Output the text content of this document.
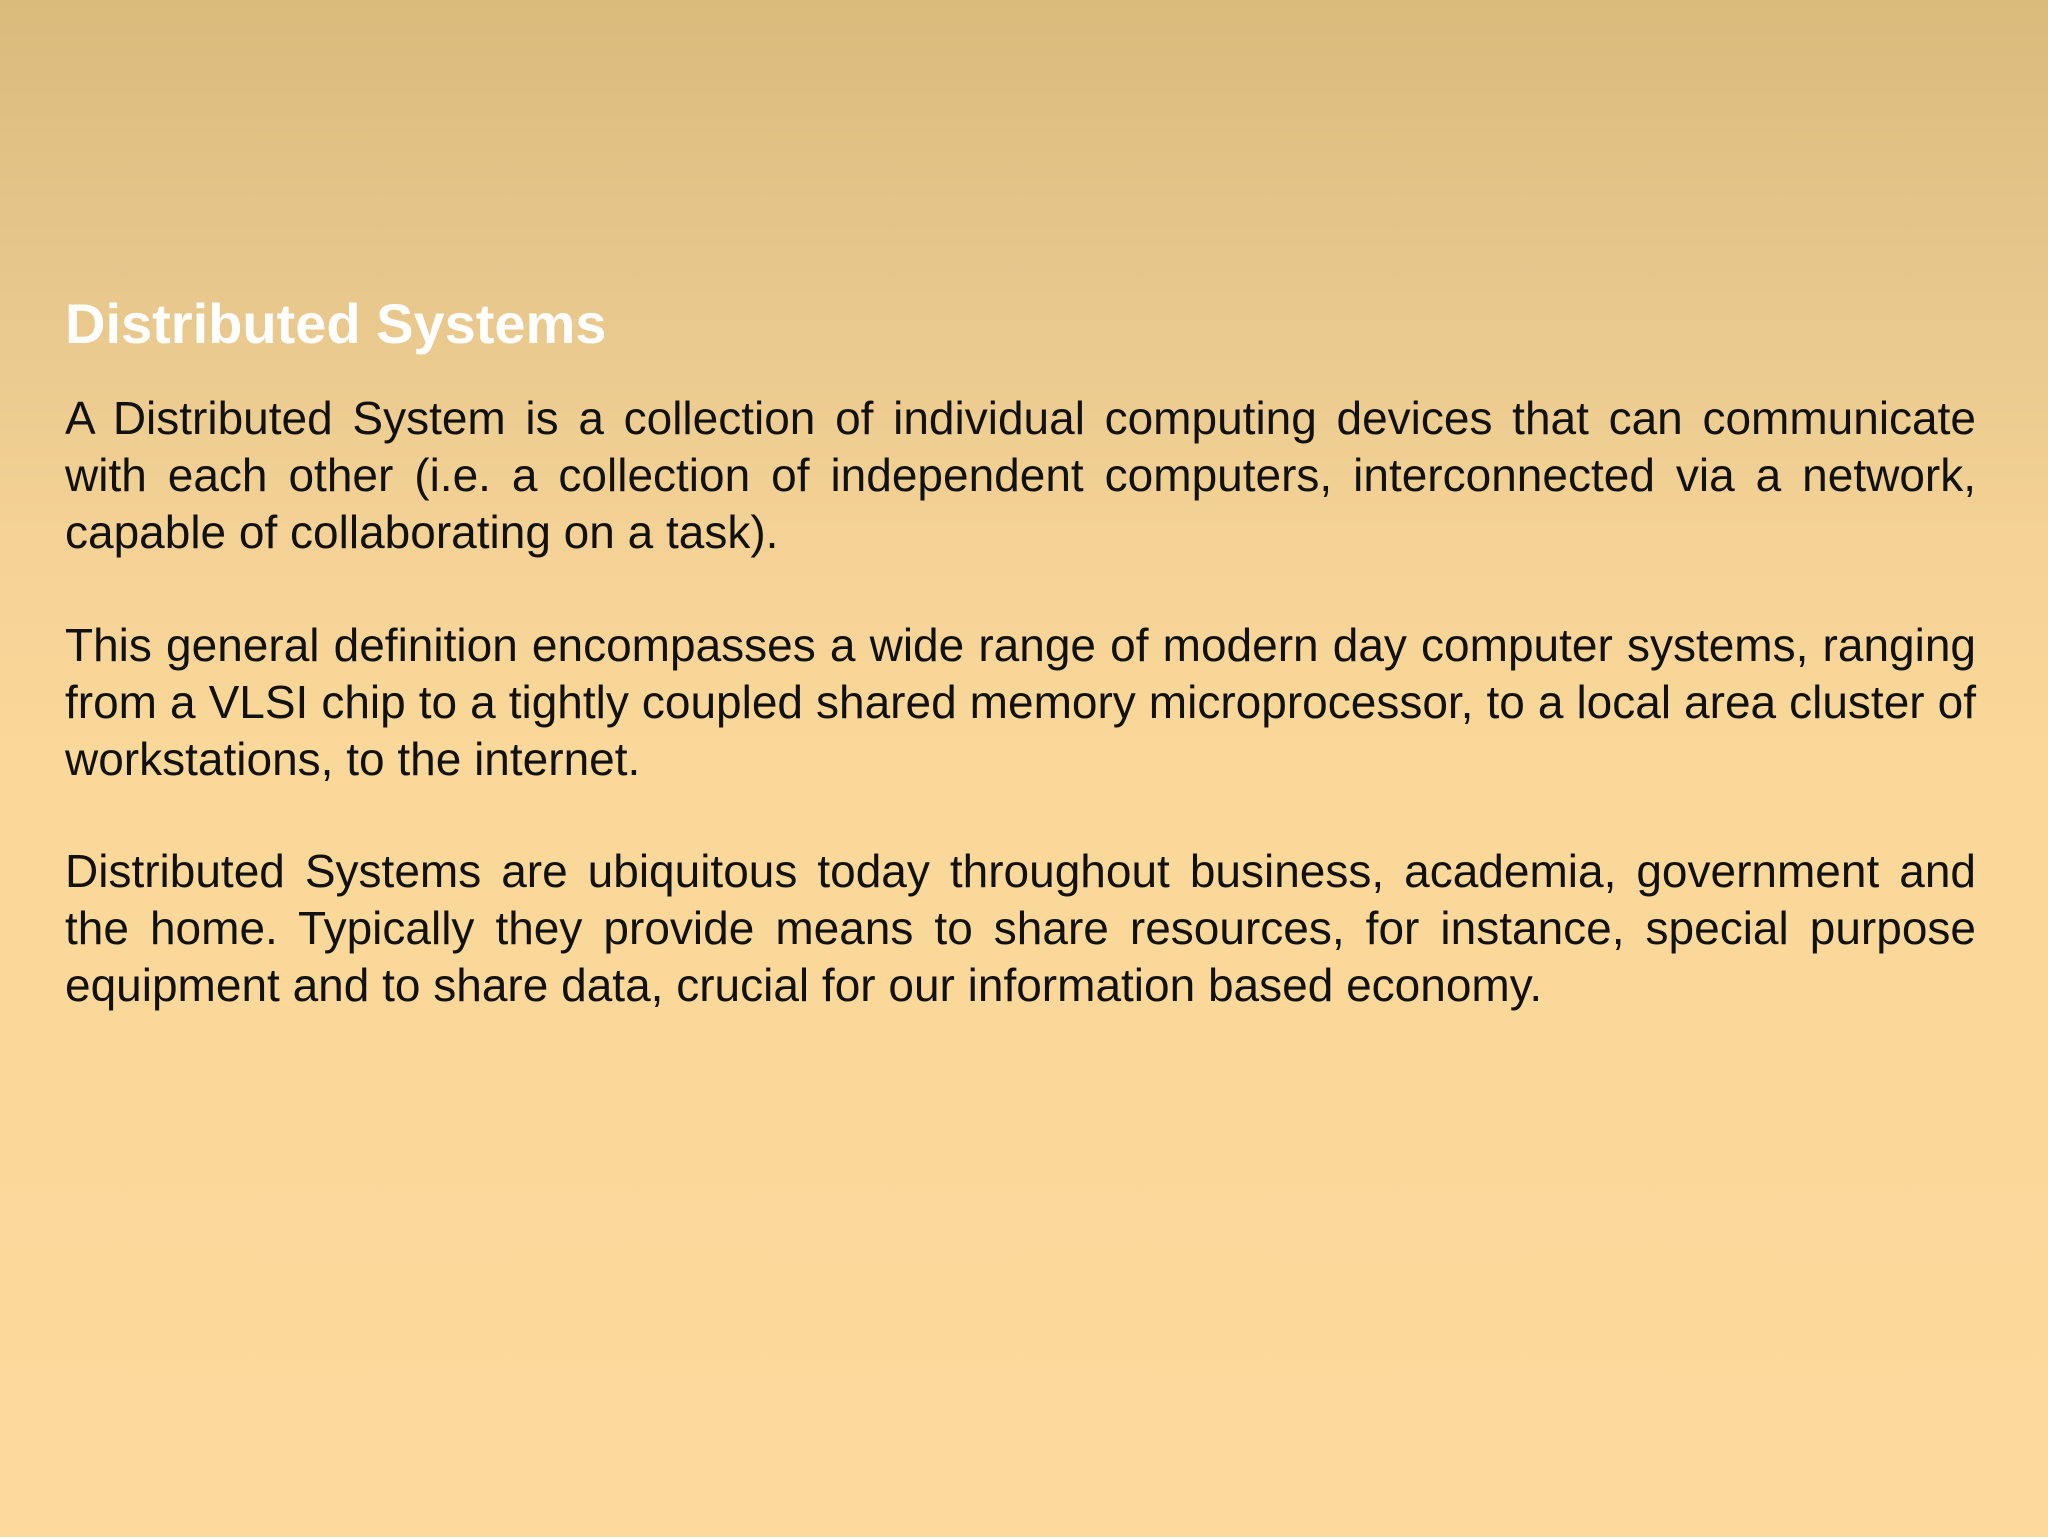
Distributed Systems

A Distributed System is a collection of individual computing devices that can communicate with each other (i.e. a collection of independent computers, interconnected via a network, capable of collaborating on a task).

This general definition encompasses a wide range of modern day computer systems, ranging from a VLSI chip to a tightly coupled shared memory microprocessor, to a local area cluster of workstations, to the internet.

Distributed Systems are ubiquitous today throughout business, academia, government and the home. Typically they provide means to share resources, for instance, special purpose equipment and to share data, crucial for our information based economy.
